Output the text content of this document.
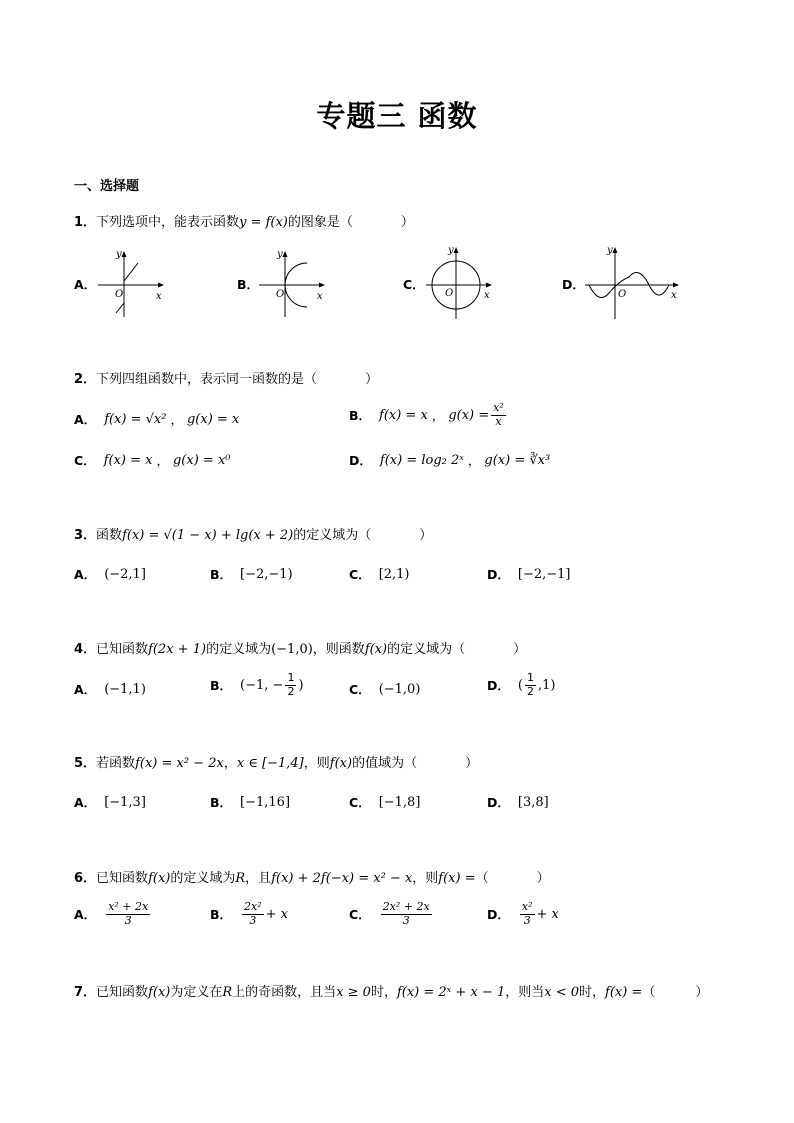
专题三 函数
一、选择题
1．下列选项中，能表示函数y = f(x)的图象是（	）
A．
y
x
O
B．
y
x
O
C．
y
x
O
D．
y
x
O
2．下列四组函数中，表示同一函数的是（	）
A． f(x) = √x² ， g(x) = x	B． f(x) = x ， $g(x) = \frac{\text{x²}}{x}$
C． f(x) = x ， g(x) = x⁰	D． f(x) = log₂ 2ˣ ， g(x) = ∛x³
3．函数f(x) = √(1 − x) + lg(x + 2)的定义域为（	）
A． (−2,1]	B． [−2,−1)	C． [2,1)	D． [−2,−1]
4．已知函数f(2x + 1)的定义域为(−1,0)，则函数f(x)的定义域为（	）
A． (−1,1)	B． (−1, − $\frac{1}{2}$ )	C． (−1,0)	D． ( $\frac{1}{2} ,1$)
5．若函数f(x) = x² − 2x，x ∈ [−1,4]，则f(x)的值域为（	）
A． [−1,3]	B． [−1,16]	C． [−1,8]	D． [3,8]
6．已知函数f(x)的定义域为R，且f(x) + 2f(−x) = x² − x，则f(x) =（	）
A． $\frac{\text{x² + 2x}}{3}$	B． $\frac{\text{2x²}}{3} + x$	C． $\frac{\text{2x² + 2x}}{3}$	D． $\frac{\text{x²}}{3} + x$
7．已知函数f(x)为定义在R上的奇函数，且当x ≥ 0时，f(x) = 2ˣ + x − 1，则当x < 0时，f(x) =（	）
